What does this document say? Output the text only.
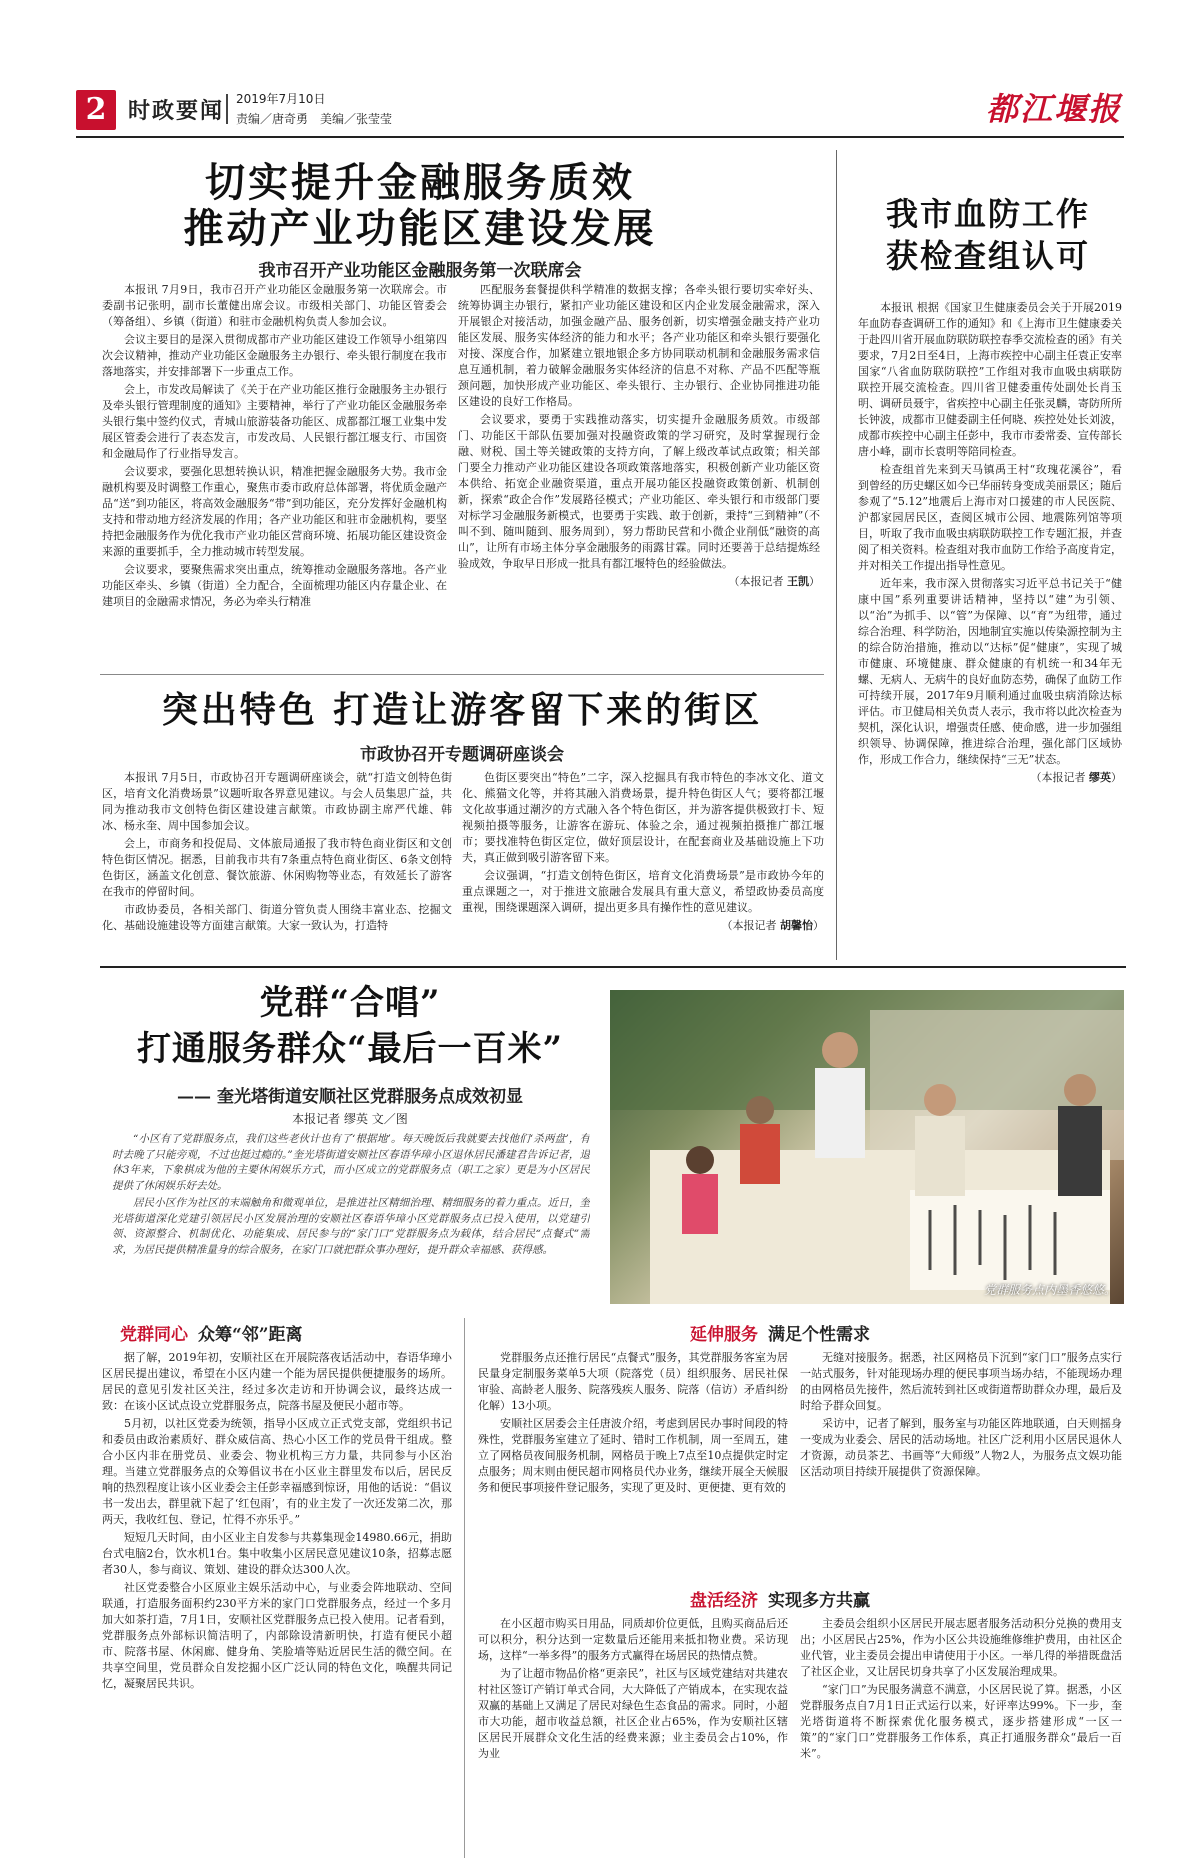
2 时政要闻 2019年7月10日
责编／唐奇勇　美编／张莹莹	都江堰报
切实提升金融服务质效
推动产业功能区建设发展
我市召开产业功能区金融服务第一次联席会

本报讯 7月9日，我市召开产业功能区金融服务第一次联席会。市委副书记张明，副市长董健出席会议。市级相关部门、功能区管委会（筹备组）、乡镇（街道）和驻市金融机构负责人参加会议。

会议主要目的是深入贯彻成都市产业功能区建设工作领导小组第四次会议精神，推动产业功能区金融服务主办银行、牵头银行制度在我市落地落实，并安排部署下一步重点工作。

会上，市发改局解读了《关于在产业功能区推行金融服务主办银行及牵头银行管理制度的通知》主要精神，举行了产业功能区金融服务牵头银行集中签约仪式，青城山旅游装备功能区、成都都江堰工业集中发展区管委会进行了表态发言，市发改局、人民银行都江堰支行、市国资和金融局作了行业指导发言。

会议要求，要强化思想转换认识，精准把握金融服务大势。我市金融机构要及时调整工作重心，聚焦市委市政府总体部署，将优质金融产品“送”到功能区，将高效金融服务“带”到功能区，充分发挥好金融机构支持和带动地方经济发展的作用；各产业功能区和驻市金融机构，要坚持把金融服务作为优化我市产业功能区营商环境、拓展功能区建设资金来源的重要抓手，全力推动城市转型发展。

会议要求，要聚焦需求突出重点，统筹推动金融服务落地。各产业功能区牵头、乡镇（街道）全力配合，全面梳理功能区内存量企业、在建项目的金融需求情况，务必为牵头行精准

匹配服务套餐提供科学精准的数据支撑；各牵头银行要切实牵好头、统筹协调主办银行，紧扣产业功能区建设和区内企业发展金融需求，深入开展银企对接活动，加强金融产品、服务创新，切实增强金融支持产业功能区发展、服务实体经济的能力和水平；各产业功能区和牵头银行要强化对接、深度合作，加紧建立银地银企多方协同联动机制和金融服务需求信息互通机制，着力破解金融服务实体经济的信息不对称、产品不匹配等瓶颈问题，加快形成产业功能区、牵头银行、主办银行、企业协同推进功能区建设的良好工作格局。

会议要求，要勇于实践推动落实，切实提升金融服务质效。市级部门、功能区干部队伍要加强对投融资政策的学习研究，及时掌握现行金融、财税、国土等关键政策的支持方向，了解上级改革试点政策；相关部门要全力推动产业功能区建设各项政策落地落实，积极创新产业功能区资本供给、拓宽企业融资渠道，重点开展功能区投融资政策创新、机制创新，探索“政企合作”发展路径模式；产业功能区、牵头银行和市级部门要对标学习金融服务新模式，也要勇于实践、敢于创新，秉持“三到精神”（不叫不到、随叫随到、服务周到），努力帮助民营和小微企业削低“融资的高山”，让所有市场主体分享金融服务的雨露甘霖。同时还要善于总结提炼经验成效，争取早日形成一批具有都江堰特色的经验做法。

（本报记者 王凯）
我市血防工作
获检查组认可

本报讯 根据《国家卫生健康委员会关于开展2019年血防春查调研工作的通知》和《上海市卫生健康委关于赴四川省开展血防联防联控春季交流检查的函》有关要求，7月2日至4日，上海市疾控中心副主任袁正安率国家“八省血防联防联控”工作组对我市血吸虫病联防联控开展交流检查。四川省卫健委重传处副处长肖玉明、调研员聂宇，省疾控中心副主任张灵麟，寄防所所长钟波，成都市卫健委副主任何晓、疾控处处长刘波，成都市疾控中心副主任彭中，我市市委常委、宣传部长唐小峰，副市长袁明等陪同检查。

检查组首先来到天马镇禹王村“玫瑰花溪谷”，看到曾经的历史螺区如今已华丽转身变成美丽景区；随后参观了“5.12”地震后上海市对口援建的市人民医院、沪都家园居民区，查阅区城市公园、地震陈列馆等项目，听取了我市血吸虫病联防联控工作专题汇报，并查阅了相关资料。检查组对我市血防工作给予高度肯定，并对相关工作提出指导性意见。

近年来，我市深入贯彻落实习近平总书记关于“健康中国”系列重要讲话精神，坚持以“建”为引领、以“治”为抓手、以“管”为保障、以“育”为纽带，通过综合治理、科学防治，因地制宜实施以传染源控制为主的综合防治措施，推动以“达标”促“健康”，实现了城市健康、环境健康、群众健康的有机统一和34年无螺、无病人、无病牛的良好血防态势，确保了血防工作可持续开展，2017年9月顺利通过血吸虫病消除达标评估。市卫健局相关负责人表示，我市将以此次检查为契机，深化认识，增强责任感、使命感，进一步加强组织领导、协调保障，推进综合治理，强化部门区域协作，形成工作合力，继续保持“三无”状态。

（本报记者 缪英）
突出特色 打造让游客留下来的街区
市政协召开专题调研座谈会

本报讯 7月5日，市政协召开专题调研座谈会，就“打造文创特色街区，培育文化消费场景”议题听取各界意见建议。与会人员集思广益，共同为推动我市文创特色街区建设建言献策。市政协副主席严代雄、韩冰、杨永奎、周中国参加会议。

会上，市商务和投促局、文体旅局通报了我市特色商业街区和文创特色街区情况。据悉，目前我市共有7条重点特色商业街区、6条文创特色街区，涵盖文化创意、餐饮旅游、休闲购物等业态，有效延长了游客在我市的停留时间。

市政协委员，各相关部门、街道分管负责人围绕丰富业态、挖掘文化、基础设施建设等方面建言献策。大家一致认为，打造特

色街区要突出“特色”二字，深入挖掘具有我市特色的李冰文化、道文化、熊猫文化等，并将其融入消费场景，提升特色街区人气；要将都江堰文化故事通过潮汐的方式融入各个特色街区，并为游客提供极致打卡、短视频拍摄等服务，让游客在游玩、体验之余，通过视频拍摄推广都江堰市；要找准特色街区定位，做好顶层设计，在配套商业及基础设施上下功夫，真正做到吸引游客留下来。

会议强调，“打造文创特色街区，培育文化消费场景”是市政协今年的重点课题之一，对于推进文旅融合发展具有重大意义，希望政协委员高度重视，围绕课题深入调研，提出更多具有操作性的意见建议。

（本报记者 胡馨怡）
党群“合唱”
打通服务群众“最后一百米”
—— 奎光塔街道安顺社区党群服务点成效初显
本报记者 缪英 文／图

“小区有了党群服务点，我们这些老伙计也有了‘根据地’。每天晚饭后我就要去找他们‘杀两盘’，有时去晚了只能旁观，不过也挺过瘾的。”奎光塔街道安顺社区春语华璋小区退休居民潘建君告诉记者，退休3年来，下象棋成为他的主要休闲娱乐方式，而小区成立的党群服务点（职工之家）更是为小区居民提供了休闲娱乐好去处。

居民小区作为社区的末端触角和微观单位，是推进社区精细治理、精细服务的着力重点。近日，奎光塔街道深化党建引领居民小区发展治理的安顺社区春语华璋小区党群服务点已投入使用，以党建引领、资源整合、机制优化、功能集成、居民参与的“家门口”党群服务点为载体，结合居民“点餐式”需求，为居民提供精准量身的综合服务，在家门口就把群众事办理好，提升群众幸福感、获得感。

党群服务点内墨香悠悠。
党群同心 众筹“邻”距离

据了解，2019年初，安顺社区在开展院落夜话活动中，春语华璋小区居民提出建议，希望在小区内建一个能为居民提供便捷服务的场所。居民的意见引发社区关注，经过多次走访和开协调会议，最终达成一致：在该小区试点设立党群服务点，院落书屋及便民小超市等。

5月初，以社区党委为统领，指导小区成立正式党支部，党组织书记和委员由政治素质好、群众威信高、热心小区工作的党员骨干组成。整合小区内非在册党员、业委会、物业机构三方力量，共同参与小区治理。当建立党群服务点的众筹倡议书在小区业主群里发布以后，居民反响的热烈程度让该小区业委会主任彭幸福感到惊讶，用他的话说：“倡议书一发出去，群里就下起了‘红包雨’，有的业主发了一次还发第二次，那两天，我收红包、登记，忙得不亦乐乎。”

短短几天时间，由小区业主自发参与共募集现金14980.66元，捐助台式电脑2台，饮水机1台。集中收集小区居民意见建议10条，招募志愿者30人，参与商议、策划、建设的群众达300人次。

社区党委整合小区原业主娱乐活动中心，与业委会阵地联动、空间联通，打造服务面积约230平方米的家门口党群服务点，经过一个多月加大如茶打造，7月1日，安顺社区党群服务点已投入使用。记者看到，党群服务点外部标识简洁明了，内部除设清新明快，打造有便民小超市、院落书屋、休闲廊、健身角、笑脸墙等贴近居民生活的微空间。在共享空间里，党员群众自发挖掘小区广泛认同的特色文化，唤醒共同记忆，凝聚居民共识。

延伸服务 满足个性需求

党群服务点还推行居民“点餐式”服务，其党群服务客室为居民量身定制服务菜单5大项（院落党（员）组织服务、居民社保审验、高龄老人服务、院落残疾人服务、院落（信访）矛盾纠纷化解）13小项。

安顺社区居委会主任唐波介绍，考虑到居民办事时间段的特殊性，党群服务室建立了延时、错时工作机制，周一至周五，建立了网格员夜间服务机制，网格员于晚上7点至10点提供定时定点服务；周末则由便民超市网格员代办业务，继续开展全天候服务和便民事项接件登记服务，实现了更及时、更便捷、更有效的

无缝对接服务。据悉，社区网格员下沉到“家门口”服务点实行一站式服务，针对能现场办理的便民事项当场办结，不能现场办理的由网格员先接件，然后流转到社区或街道帮助群众办理，最后及时给予群众回复。

采访中，记者了解到，服务室与功能区阵地联通，白天则摇身一变成为业委会、居民的活动场地。社区广泛利用小区居民退休人才资源，动员茶艺、书画等“大师级”人物2人，为服务点文娱功能区活动项目持续开展提供了资源保障。

盘活经济 实现多方共赢

在小区超市购买日用品，同质却价位更低，且购买商品后还可以积分，积分达到一定数量后还能用来抵扣物业费。采访现场，这样“一举多得”的服务方式赢得在场居民的热情点赞。

为了让超市物品价格“更亲民”，社区与区域党建结对共建农村社区签订产销订单式合同，大大降低了产销成本，在实现农益双赢的基础上又满足了居民对绿色生态食品的需求。同时，小超市大功能，超市收益总额，社区企业占65%，作为安顺社区辖区居民开展群众文化生活的经费来源；业主委员会占10%，作为业

主委员会组织小区居民开展志愿者服务活动积分兑换的费用支出；小区居民占25%，作为小区公共设施维修维护费用，由社区企业代管，业主委员会提出申请使用于小区。一举几得的举措既盘活了社区企业，又让居民切身共享了小区发展治理成果。

“家门口”为民服务满意不满意，小区居民说了算。据悉，小区党群服务点自7月1日正式运行以来，好评率达99%。下一步，奎光塔街道将不断探索优化服务模式，逐步搭建形成“一区一策”的“家门口”党群服务工作体系，真正打通服务群众“最后一百米”。
